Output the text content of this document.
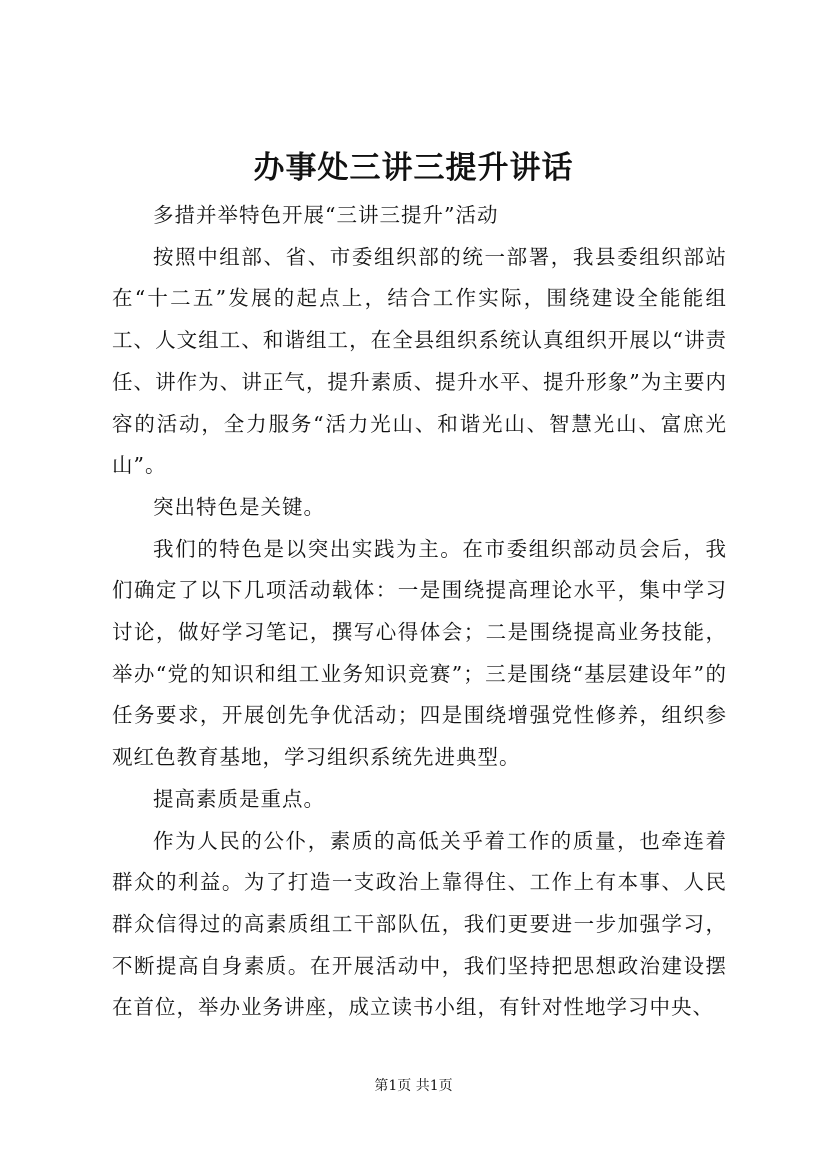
办事处三讲三提升讲话

多措并举特色开展“三讲三提升”活动

按照中组部、省、市委组织部的统一部署，我县委组织部站在“十二五”发展的起点上，结合工作实际，围绕建设全能能组工、人文组工、和谐组工，在全县组织系统认真组织开展以“讲责任、讲作为、讲正气，提升素质、提升水平、提升形象”为主要内容的活动，全力服务“活力光山、和谐光山、智慧光山、富庶光山”。

突出特色是关键。

我们的特色是以突出实践为主。在市委组织部动员会后，我们确定了以下几项活动载体：一是围绕提高理论水平，集中学习讨论，做好学习笔记，撰写心得体会；二是围绕提高业务技能，举办“党的知识和组工业务知识竞赛”；三是围绕“基层建设年”的任务要求，开展创先争优活动；四是围绕增强党性修养，组织参观红色教育基地，学习组织系统先进典型。

提高素质是重点。

作为人民的公仆，素质的高低关乎着工作的质量，也牵连着群众的利益。为了打造一支政治上靠得住、工作上有本事、人民群众信得过的高素质组工干部队伍，我们更要进一步加强学习，不断提高自身素质。在开展活动中，我们坚持把思想政治建设摆在首位，举办业务讲座，成立读书小组，有针对性地学习中央、

第1页 共1页
